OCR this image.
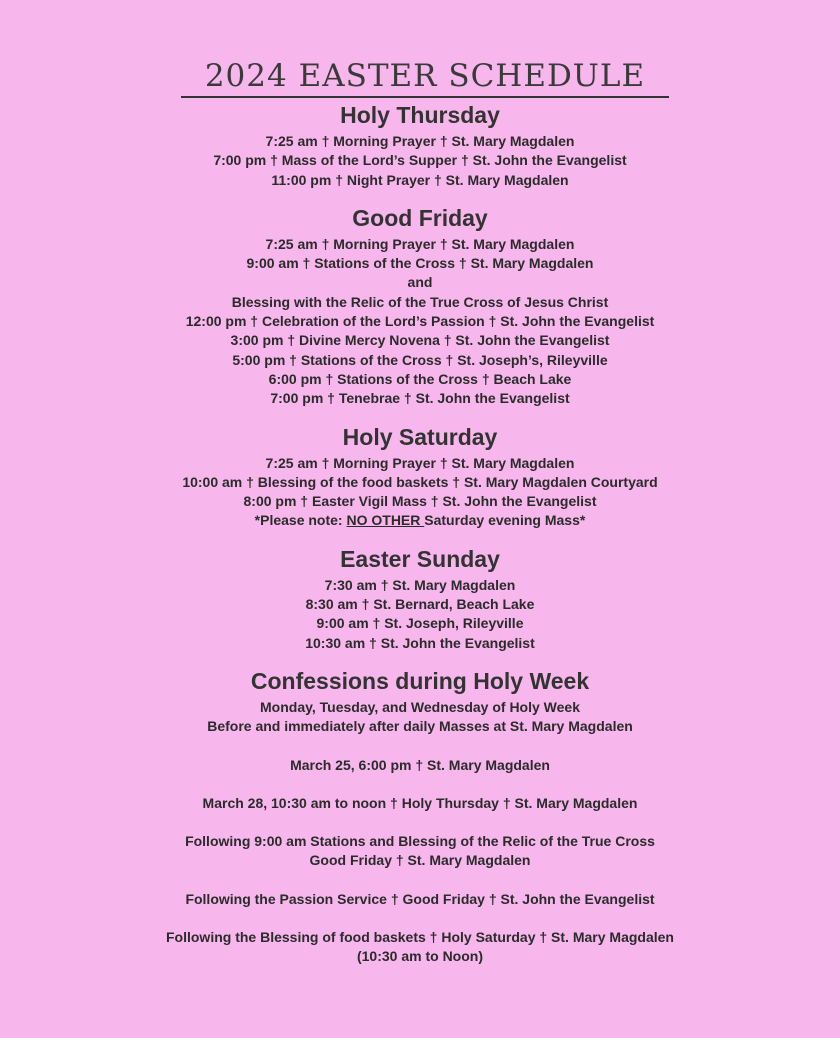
2024 EASTER SCHEDULE
Holy Thursday
7:25 am † Morning Prayer † St. Mary Magdalen
7:00 pm † Mass of the Lord’s Supper † St. John the Evangelist
11:00 pm † Night Prayer † St. Mary Magdalen
Good Friday
7:25 am † Morning Prayer † St. Mary Magdalen
9:00 am † Stations of the Cross † St. Mary Magdalen
and
Blessing with the Relic of the True Cross of Jesus Christ
12:00 pm † Celebration of the Lord’s Passion † St. John the Evangelist
3:00 pm † Divine Mercy Novena † St. John the Evangelist
5:00 pm † Stations of the Cross † St. Joseph’s, Rileyville
6:00 pm † Stations of the Cross † Beach Lake
7:00 pm † Tenebrae † St. John the Evangelist
Holy Saturday
7:25 am † Morning Prayer † St. Mary Magdalen
10:00 am † Blessing of the food baskets † St. Mary Magdalen Courtyard
8:00 pm † Easter Vigil Mass † St. John the Evangelist
*Please note: NO OTHER Saturday evening Mass*
Easter Sunday
7:30 am † St. Mary Magdalen
8:30 am † St. Bernard, Beach Lake
9:00 am † St. Joseph, Rileyville
10:30 am † St. John the Evangelist
Confessions during Holy Week
Monday, Tuesday, and Wednesday of Holy Week
Before and immediately after daily Masses at St. Mary Magdalen
March 25, 6:00 pm † St. Mary Magdalen
March 28, 10:30 am to noon † Holy Thursday † St. Mary Magdalen
Following 9:00 am Stations and Blessing of the Relic of the True Cross
Good Friday † St. Mary Magdalen
Following the Passion Service † Good Friday † St. John the Evangelist
Following the Blessing of food baskets † Holy Saturday † St. Mary Magdalen
(10:30 am to Noon)
